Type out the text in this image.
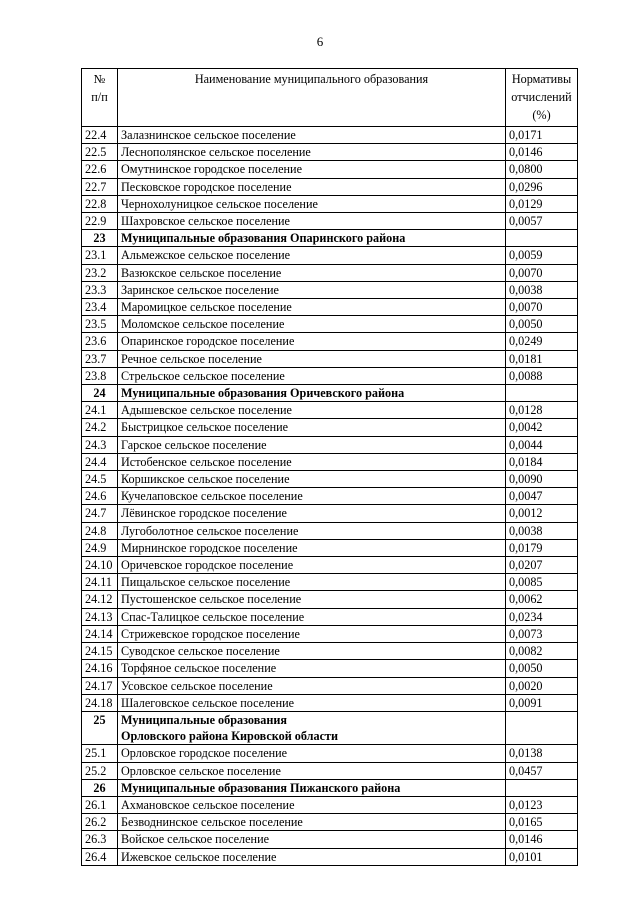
6
№
п/п	Наименование муниципального образования	Нормативы
отчислений
(%)
22.4	Залазнинское сельское поселение	0,0171
22.5	Леснополянское сельское поселение	0,0146
22.6	Омутнинское городское поселение	0,0800
22.7	Песковское городское поселение	0,0296
22.8	Чернохолуницкое сельское поселение	0,0129
22.9	Шахровское сельское поселение	0,0057
23	Муниципальные образования Опаринского района	
23.1	Альмежское сельское поселение	0,0059
23.2	Вазюкское сельское поселение	0,0070
23.3	Заринское сельское поселение	0,0038
23.4	Маромицкое сельское поселение	0,0070
23.5	Моломское сельское поселение	0,0050
23.6	Опаринское городское поселение	0,0249
23.7	Речное сельское поселение	0,0181
23.8	Стрельское сельское поселение	0,0088
24	Муниципальные образования Оричевского района	
24.1	Адышевское сельское поселение	0,0128
24.2	Быстрицкое сельское поселение	0,0042
24.3	Гарское сельское поселение	0,0044
24.4	Истобенское сельское поселение	0,0184
24.5	Коршикское сельское поселение	0,0090
24.6	Кучелаповское сельское поселение	0,0047
24.7	Лёвинское городское поселение	0,0012
24.8	Лугоболотное сельское поселение	0,0038
24.9	Мирнинское городское поселение	0,0179
24.10	Оричевское городское поселение	0,0207
24.11	Пищальское сельское поселение	0,0085
24.12	Пустошенское сельское поселение	0,0062
24.13	Спас-Талицкое сельское поселение	0,0234
24.14	Стрижевское городское поселение	0,0073
24.15	Суводское сельское поселение	0,0082
24.16	Торфяное сельское поселение	0,0050
24.17	Усовское сельское поселение	0,0020
24.18	Шалеговское сельское поселение	0,0091
25	Муниципальные образования
Орловского района Кировской области	
25.1	Орловское городское поселение	0,0138
25.2	Орловское сельское поселение	0,0457
26	Муниципальные образования Пижанского района	
26.1	Ахмановское сельское поселение	0,0123
26.2	Безводнинское сельское поселение	0,0165
26.3	Войское сельское поселение	0,0146
26.4	Ижевское сельское поселение	0,0101
